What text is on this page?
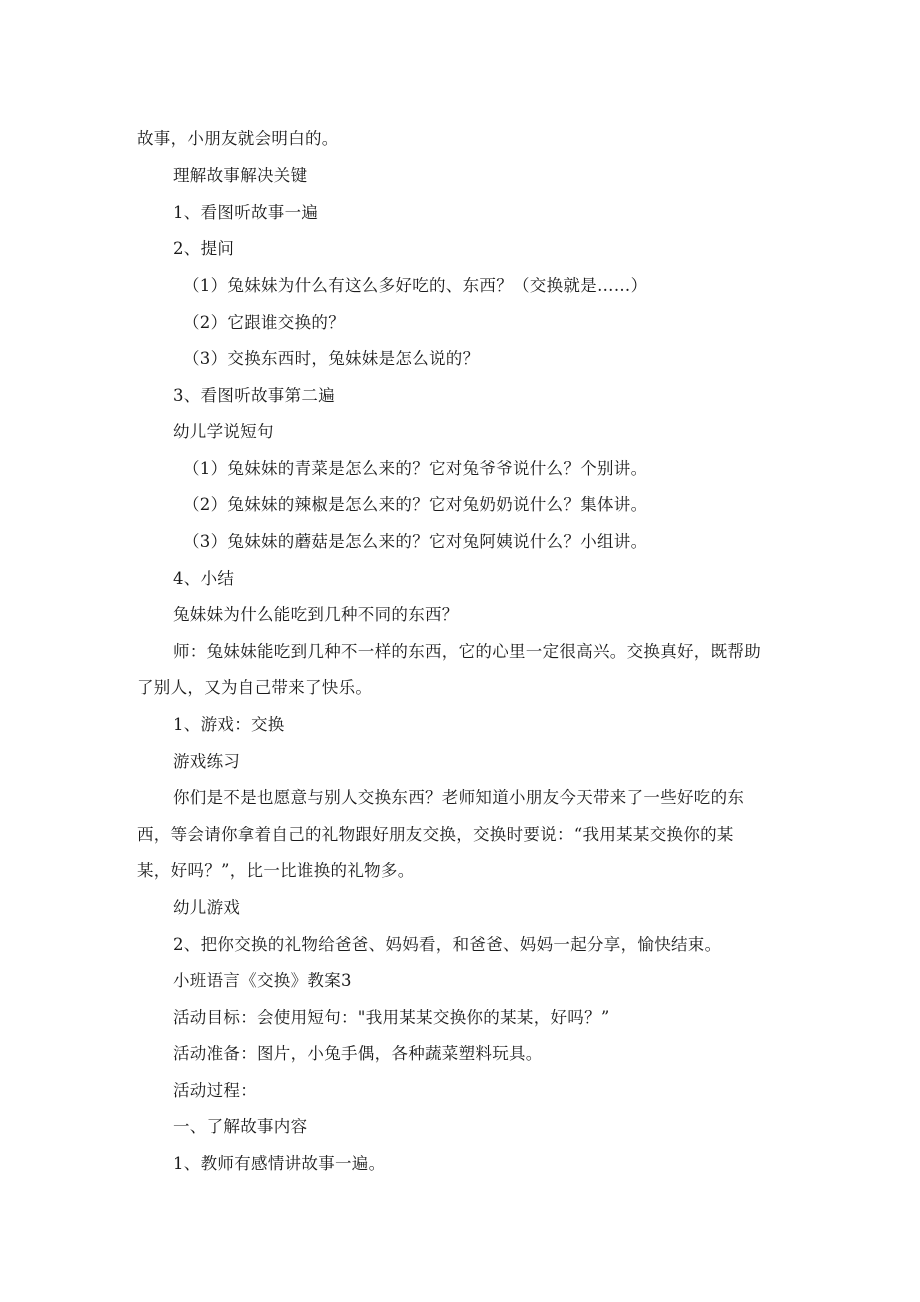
故事，小朋友就会明白的。
理解故事解决关键
1、看图听故事一遍
2、提问
（1）兔妹妹为什么有这么多好吃的、东西？（交换就是……）
（2）它跟谁交换的？
（3）交换东西时，兔妹妹是怎么说的？
3、看图听故事第二遍
幼儿学说短句
（1）兔妹妹的青菜是怎么来的？它对兔爷爷说什么？个别讲。
（2）兔妹妹的辣椒是怎么来的？它对兔奶奶说什么？集体讲。
（3）兔妹妹的蘑菇是怎么来的？它对兔阿姨说什么？小组讲。
4、小结
兔妹妹为什么能吃到几种不同的东西？
师：兔妹妹能吃到几种不一样的东西，它的心里一定很高兴。交换真好，既帮助
了别人，又为自己带来了快乐。
1、游戏：交换
游戏练习
你们是不是也愿意与别人交换东西？老师知道小朋友今天带来了一些好吃的东
西，等会请你拿着自己的礼物跟好朋友交换，交换时要说：“我用某某交换你的某
某，好吗？”，比一比谁换的礼物多。
幼儿游戏
2、把你交换的礼物给爸爸、妈妈看，和爸爸、妈妈一起分享，愉快结束。
小班语言《交换》教案3
活动目标：会使用短句："我用某某交换你的某某，好吗？”
活动准备：图片，小兔手偶，各种蔬菜塑料玩具。
活动过程：
一、了解故事内容
1、教师有感情讲故事一遍。
